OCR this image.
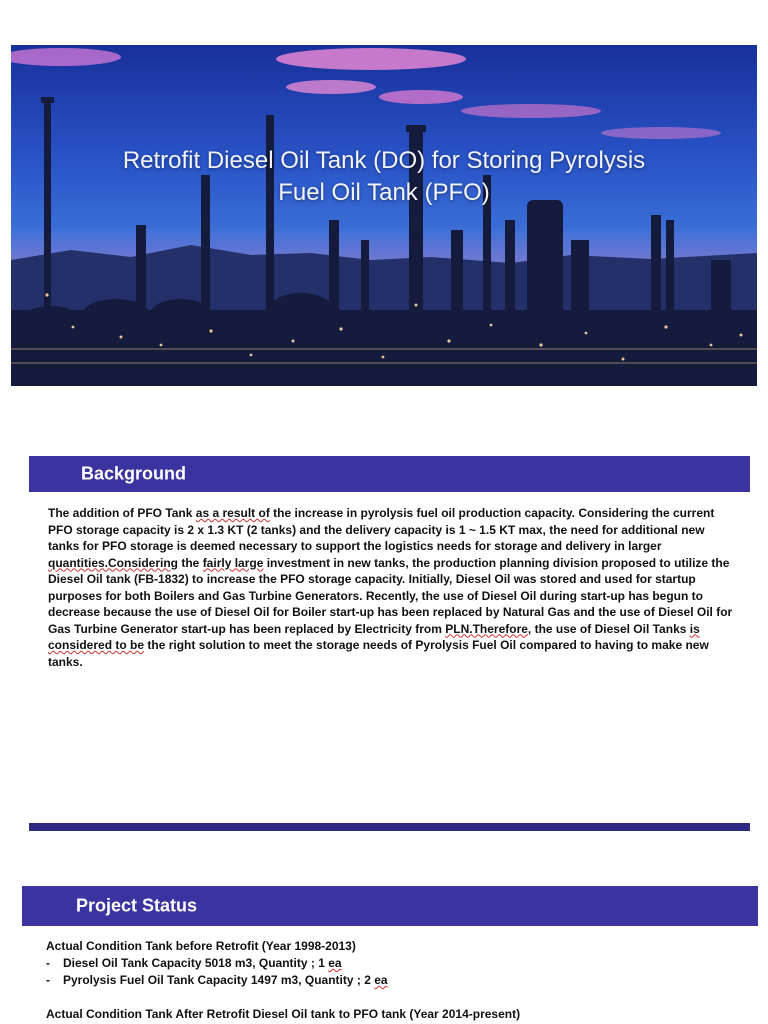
Retrofit Diesel Oil Tank (DO) for Storing Pyrolysis
Fuel Oil Tank (PFO)
Background

The addition of PFO Tank as a result of the increase in pyrolysis fuel oil production capacity. Considering the current PFO storage capacity is 2 x 1.3 KT (2 tanks) and the delivery capacity is 1 ~ 1.5 KT max, the need for additional new tanks for PFO storage is deemed necessary to support the logistics needs for storage and delivery in larger quantities.Considering the fairly large investment in new tanks, the production planning division proposed to utilize the Diesel Oil tank (FB-1832) to increase the PFO storage capacity. Initially, Diesel Oil was stored and used for startup purposes for both Boilers and Gas Turbine Generators. Recently, the use of Diesel Oil during start-up has begun to decrease because the use of Diesel Oil for Boiler start-up has been replaced by Natural Gas and the use of Diesel Oil for Gas Turbine Generator start-up has been replaced by Electricity from PLN.Therefore, the use of Diesel Oil Tanks is considered to be the right solution to meet the storage needs of Pyrolysis Fuel Oil compared to having to make new tanks.

Project Status
Actual Condition Tank before Retrofit (Year 1998-2013)
- Diesel Oil Tank Capacity 5018 m3, Quantity ; 1 ea
- Pyrolysis Fuel Oil Tank Capacity 1497 m3, Quantity ; 2 ea
Actual Condition Tank After Retrofit Diesel Oil tank to PFO tank (Year 2014-present)
